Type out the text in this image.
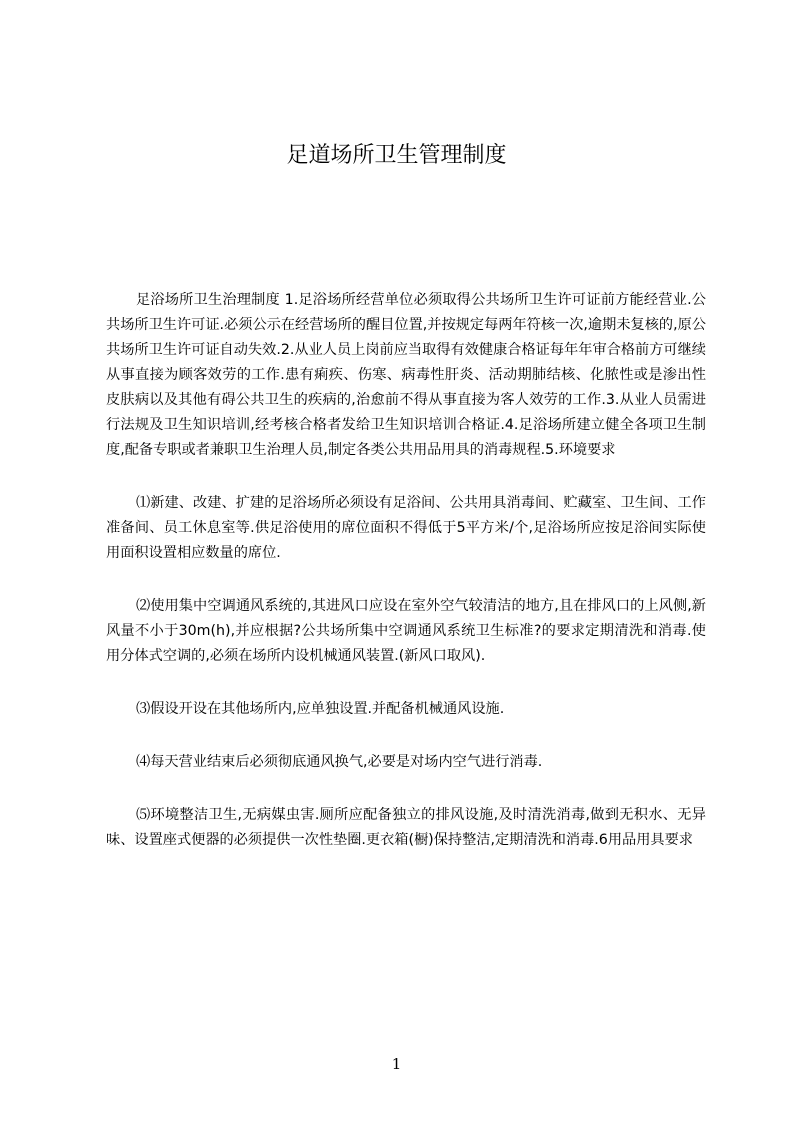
足道场所卫生管理制度

足浴场所卫生治理制度 1.足浴场所经营单位必须取得公共场所卫生许可证前方能经营业.公共场所卫生许可证.必须公示在经营场所的醒目位置,并按规定每两年符核一次,逾期未复核的,原公共场所卫生许可证自动失效.2.从业人员上岗前应当取得有效健康合格证每年年审合格前方可继续从事直接为顾客效劳的工作.患有痢疾、伤寒、病毒性肝炎、活动期肺结核、化脓性或是渗出性皮肤病以及其他有碍公共卫生的疾病的,治愈前不得从事直接为客人效劳的工作.3.从业人员需进行法规及卫生知识培训,经考核合格者发给卫生知识培训合格证.4.足浴场所建立健全各项卫生制度,配备专职或者兼职卫生治理人员,制定各类公共用品用具的消毒规程.5.环境要求

⑴新建、改建、扩建的足浴场所必须设有足浴间、公共用具消毒间、贮藏室、卫生间、工作准备间、员工休息室等.供足浴使用的席位面积不得低于5平方米/个,足浴场所应按足浴间实际使用面积设置相应数量的席位.

⑵使用集中空调通风系统的,其进风口应设在室外空气较清洁的地方,且在排风口的上风侧,新风量不小于30m(h),并应根据?公共场所集中空调通风系统卫生标准?的要求定期清洗和消毒.使用分体式空调的,必须在场所内设机械通风装置.(新风口取风).

⑶假设开设在其他场所内,应单独设置.并配备机械通风设施.

⑷每天营业结束后必须彻底通风换气,必要是对场内空气进行消毒.

⑸环境整洁卫生,无病媒虫害.厕所应配备独立的排风设施,及时清洗消毒,做到无积水、无异味、设置座式便器的必须提供一次性垫圈.更衣箱(橱)保持整洁,定期清洗和消毒.6用品用具要求

1
